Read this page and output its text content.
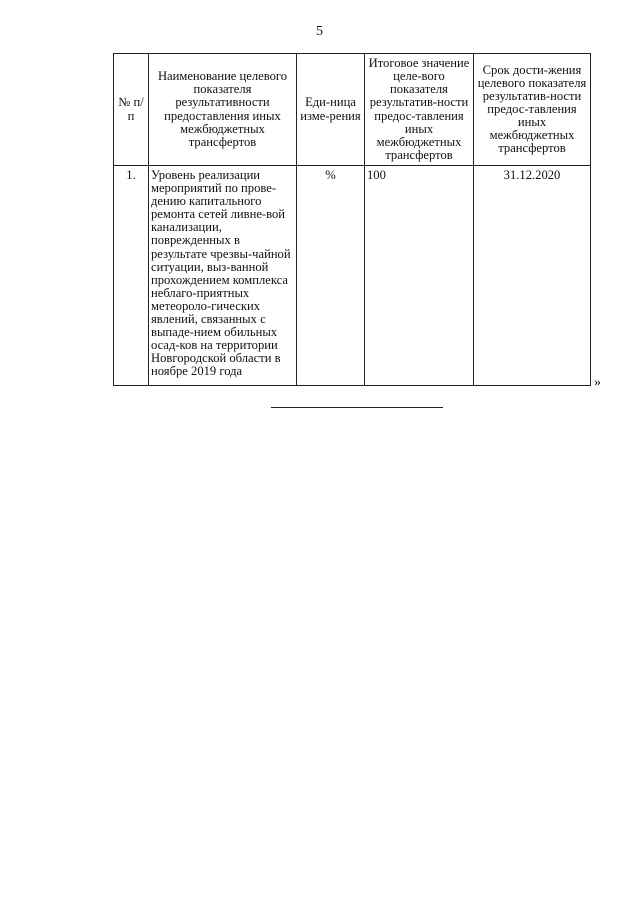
5
№ п/п	Наименование целевого показателя результативности предоставления иных межбюджетных трансфертов	Еди-ница изме-рения	Итоговое значение целе-вого показателя результатив-ности предос-тавления иных межбюджетных трансфертов	Срок дости-жения целевого показателя результатив-ности предос-тавления иных межбюджетных трансфертов
1.	Уровень реализации мероприятий по прове-дению капитального ремонта сетей ливне-вой канализации, поврежденных в результате чрезвы-чайной ситуации, выз-ванной прохождением комплекса неблаго-приятных метеороло-гических явлений, связанных с выпаде-нием обильных осад-ков на территории Новгородской области в ноябре 2019 года	%	100	31.12.2020
»
